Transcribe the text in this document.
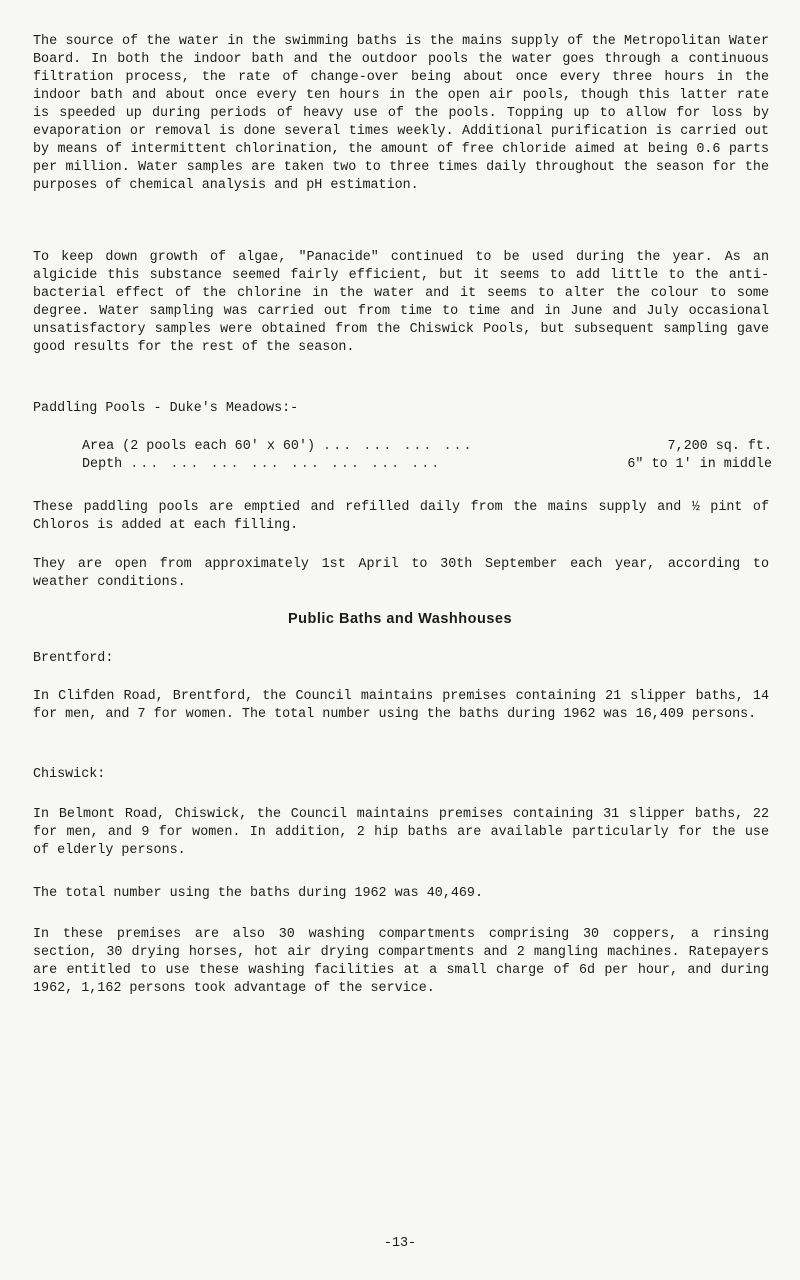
The source of the water in the swimming baths is the mains supply of the Metropolitan Water Board. In both the indoor bath and the outdoor pools the water goes through a continuous filtration process, the rate of change-over being about once every three hours in the indoor bath and about once every ten hours in the open air pools, though this latter rate is speeded up during periods of heavy use of the pools. Topping up to allow for loss by evaporation or removal is done several times weekly. Additional purification is carried out by means of intermittent chlorination, the amount of free chloride aimed at being 0.6 parts per million. Water samples are taken two to three times daily throughout the season for the purposes of chemical analysis and pH estimation.

To keep down growth of algae, "Panacide" continued to be used during the year. As an algicide this substance seemed fairly efficient, but it seems to add little to the anti-bacterial effect of the chlorine in the water and it seems to alter the colour to some degree. Water sampling was carried out from time to time and in June and July occasional unsatisfactory samples were obtained from the Chiswick Pools, but subsequent sampling gave good results for the rest of the season.

Paddling Pools - Duke's Meadows:-

Area (2 pools each 60' x 60') ... ... ... ...	7,200 sq. ft.
Depth ... ... ... ... ... ... ... ...	6" to 1' in middle

These paddling pools are emptied and refilled daily from the mains supply and ½ pint of Chloros is added at each filling.

They are open from approximately 1st April to 30th September each year, according to weather conditions.

Public Baths and Washhouses

Brentford:

In Clifden Road, Brentford, the Council maintains premises containing 21 slipper baths, 14 for men, and 7 for women. The total number using the baths during 1962 was 16,409 persons.

Chiswick:

In Belmont Road, Chiswick, the Council maintains premises containing 31 slipper baths, 22 for men, and 9 for women. In addition, 2 hip baths are available particularly for the use of elderly persons.

The total number using the baths during 1962 was 40,469.

In these premises are also 30 washing compartments comprising 30 coppers, a rinsing section, 30 drying horses, hot air drying compartments and 2 mangling machines. Ratepayers are entitled to use these washing facilities at a small charge of 6d per hour, and during 1962, 1,162 persons took advantage of the service.

-13-
